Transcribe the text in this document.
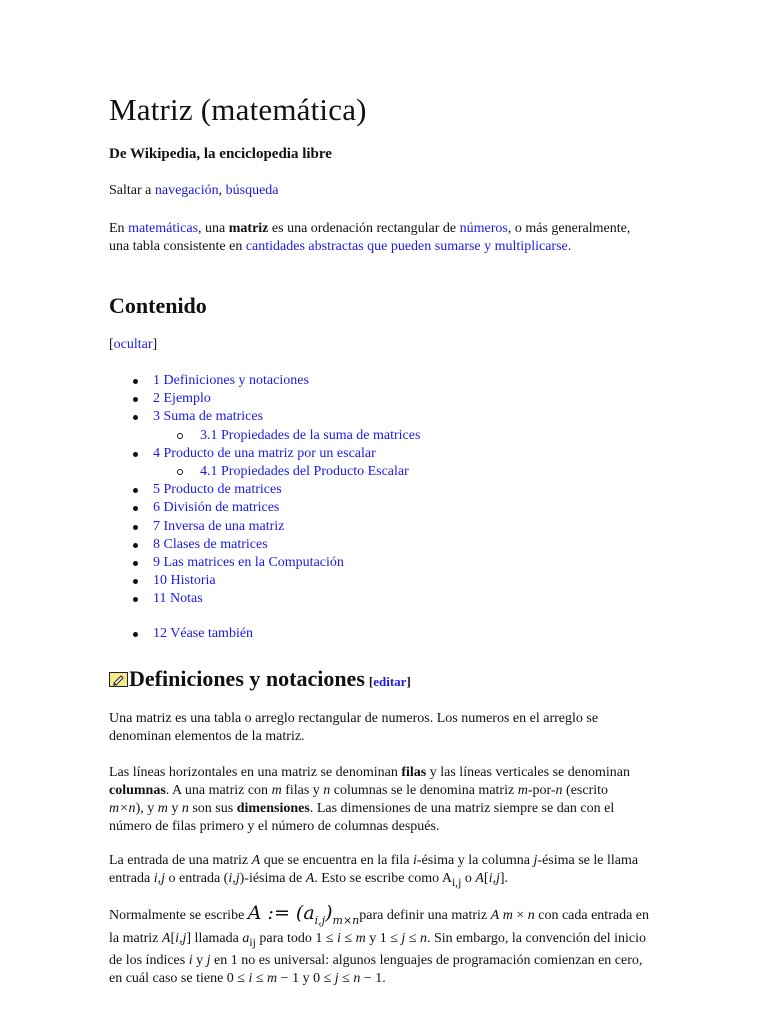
Matriz (matemática)
De Wikipedia, la enciclopedia libre
Saltar a navegación, búsqueda
En matemáticas, una matriz es una ordenación rectangular de números, o más generalmente, una tabla consistente en cantidades abstractas que pueden sumarse y multiplicarse.
Contenido
[ocultar]
1 Definiciones y notaciones
2 Ejemplo
3 Suma de matrices
3.1 Propiedades de la suma de matrices
4 Producto de una matriz por un escalar
4.1 Propiedades del Producto Escalar
5 Producto de matrices
6 División de matrices
7 Inversa de una matriz
8 Clases de matrices
9 Las matrices en la Computación
10 Historia
11 Notas
12 Véase también
Definiciones y notaciones [editar]
Una matriz es una tabla o arreglo rectangular de numeros. Los numeros en el arreglo se denominan elementos de la matriz.
Las líneas horizontales en una matriz se denominan filas y las líneas verticales se denominan columnas. A una matriz con m filas y n columnas se le denomina matriz m-por-n (escrito m×n), y m y n son sus dimensiones. Las dimensiones de una matriz siempre se dan con el número de filas primero y el número de columnas después.
La entrada de una matriz A que se encuentra en la fila i-ésima y la columna j-ésima se le llama entrada i,j o entrada (i,j)-iésima de A. Esto se escribe como $A_{i,j}$ o A[i,j].
Normalmente se escribe A := $(a_{i,j})_{m\times n}para$ definir una matriz A m × n con cada entrada en la matriz A[i,j] llamada $a_{ij}$ para todo 1 ≤ i ≤ m y 1 ≤ j ≤ n. Sin embargo, la convención del inicio de los índices i y j en 1 no es universal: algunos lenguajes de programación comienzan en cero, en cuál caso se tiene 0 ≤ i ≤ m − 1 y 0 ≤ j ≤ n − 1.
